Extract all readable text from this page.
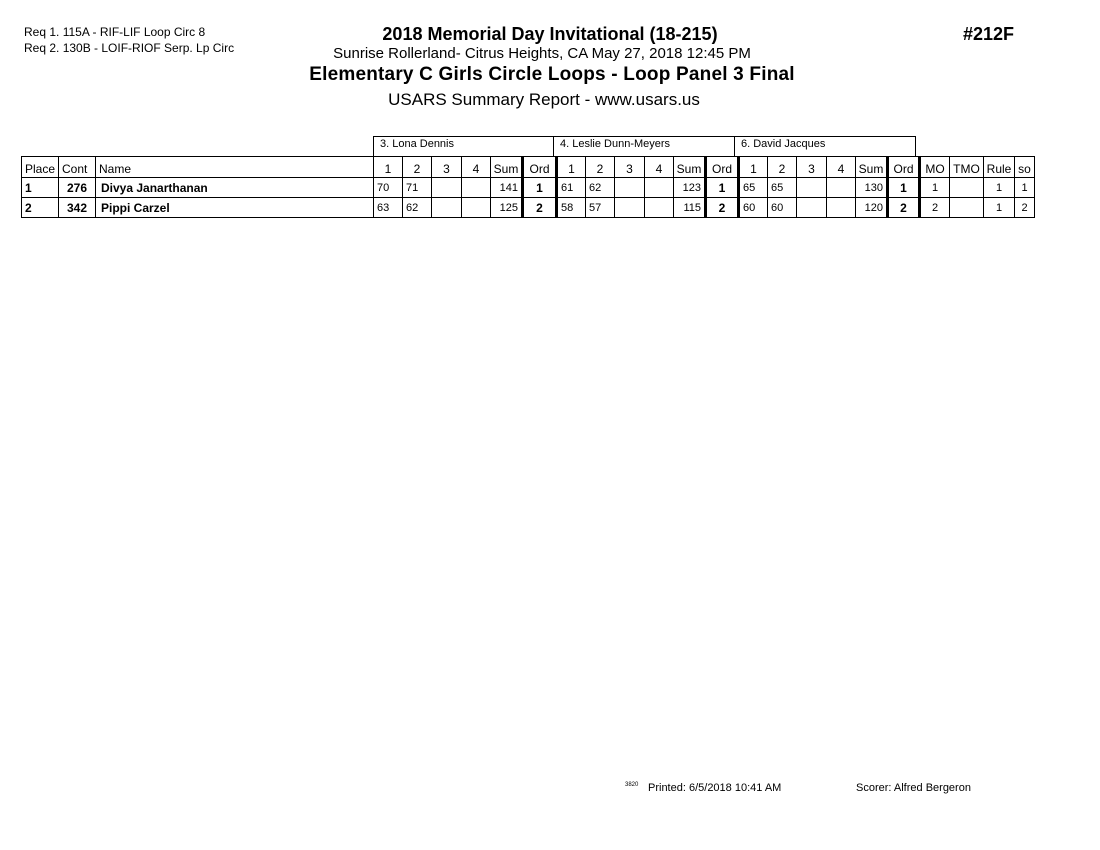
Req 1. 115A - RIF-LIF Loop Circ 8
Req 2. 130B - LOIF-RIOF Serp. Lp Circ
2018 Memorial Day Invitational (18-215)
Sunrise Rollerland- Citrus Heights, CA May 27, 2018 12:45 PM
Elementary C Girls Circle Loops - Loop Panel 3 Final
USARS Summary Report - www.usars.us
#212F
3. Lona Dennis	4. Leslie Dunn-Meyers	6. David Jacques
Place	Cont	Name	1	2	3	4	Sum	Ord	1	2	3	4	Sum	Ord	1	2	3	4	Sum	Ord	MO	TMO	Rule	so
1	276	Divya Janarthanan	70	71			141	1	61	62			123	1	65	65			130	1	1		1	1
2	342	Pippi Carzel	63	62			125	2	58	57			115	2	60	60			120	2	2		1	2
3820 Printed: 6/5/2018 10:41 AM	Scorer: Alfred Bergeron
